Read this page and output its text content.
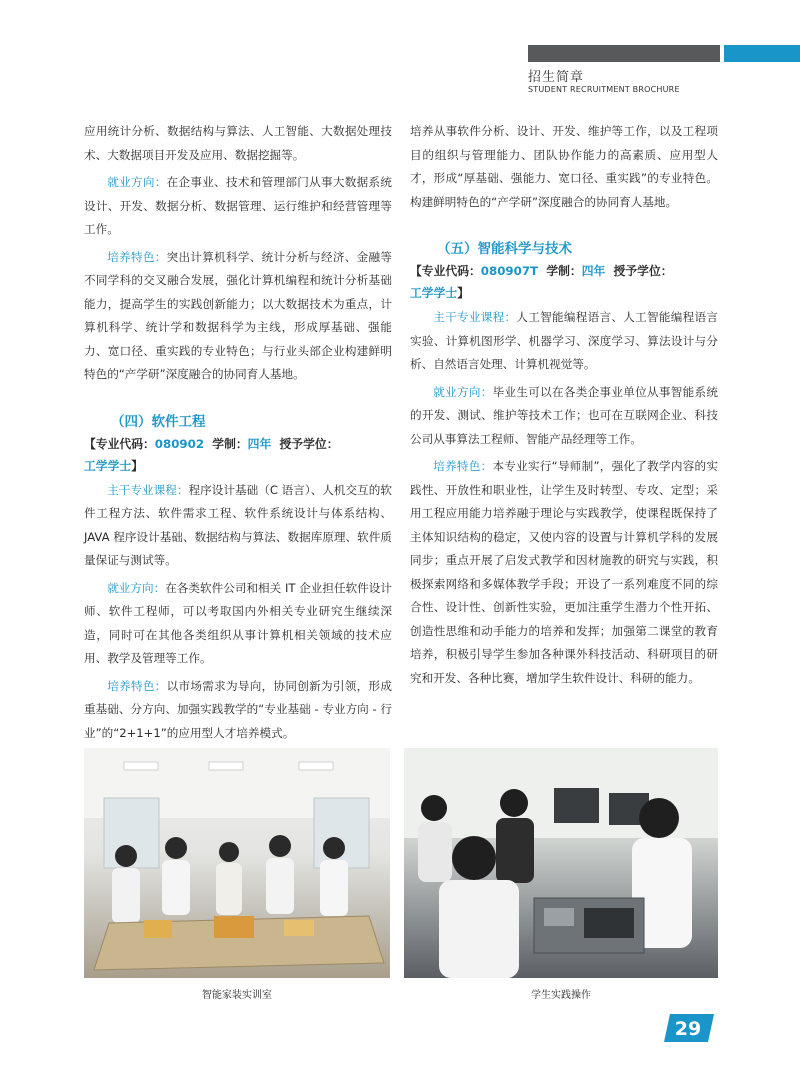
招生简章
STUDENT RECRUITMENT BROCHURE

应用统计分析、数据结构与算法、人工智能、大数据处理技术、大数据项目开发及应用、数据挖掘等。

就业方向：在企事业、技术和管理部门从事大数据系统设计、开发、数据分析、数据管理、运行维护和经营管理等工作。

培养特色：突出计算机科学、统计分析与经济、金融等不同学科的交叉融合发展，强化计算机编程和统计分析基础能力，提高学生的实践创新能力；以大数据技术为重点，计算机科学、统计学和数据科学为主线，形成厚基础、强能力、宽口径、重实践的专业特色；与行业头部企业构建鲜明特色的“产学研”深度融合的协同育人基地。

（四）软件工程
【专业代码：080902 学制：四年 授予学位：
工学学士】

主干专业课程：程序设计基础（C 语言）、人机交互的软件工程方法、软件需求工程、软件系统设计与体系结构、JAVA 程序设计基础、数据结构与算法、数据库原理、软件质量保证与测试等。

就业方向：在各类软件公司和相关 IT 企业担任软件设计师、软件工程师，可以考取国内外相关专业研究生继续深造，同时可在其他各类组织从事计算机相关领域的技术应用、教学及管理等工作。

培养特色：以市场需求为导向，协同创新为引领，形成重基础、分方向、加强实践教学的“专业基础 - 专业方向 - 行业”的“2+1+1”的应用型人才培养模式。

培养从事软件分析、设计、开发、维护等工作，以及工程项目的组织与管理能力、团队协作能力的高素质、应用型人才，形成“厚基础、强能力、宽口径、重实践”的专业特色。构建鲜明特色的“产学研”深度融合的协同育人基地。

（五）智能科学与技术
【专业代码：080907T 学制：四年 授予学位：
工学学士】

主干专业课程：人工智能编程语言、人工智能编程语言实验、计算机图形学、机器学习、深度学习、算法设计与分析、自然语言处理、计算机视觉等。

就业方向：毕业生可以在各类企事业单位从事智能系统的开发、测试、维护等技术工作；也可在互联网企业、科技公司从事算法工程师、智能产品经理等工作。

培养特色：本专业实行“导师制”，强化了教学内容的实践性、开放性和职业性，让学生及时转型、专攻、定型；采用工程应用能力培养融于理论与实践教学，使课程既保持了主体知识结构的稳定，又使内容的设置与计算机学科的发展同步；重点开展了启发式教学和因材施教的研究与实践，积极探索网络和多媒体教学手段；开设了一系列难度不同的综合性、设计性、创新性实验，更加注重学生潜力个性开拓、创造性思维和动手能力的培养和发挥；加强第二课堂的教育培养，积极引导学生参加各种课外科技活动、科研项目的研究和开发、各种比赛，增加学生软件设计、科研的能力。

智能家装实训室	学生实践操作
29
